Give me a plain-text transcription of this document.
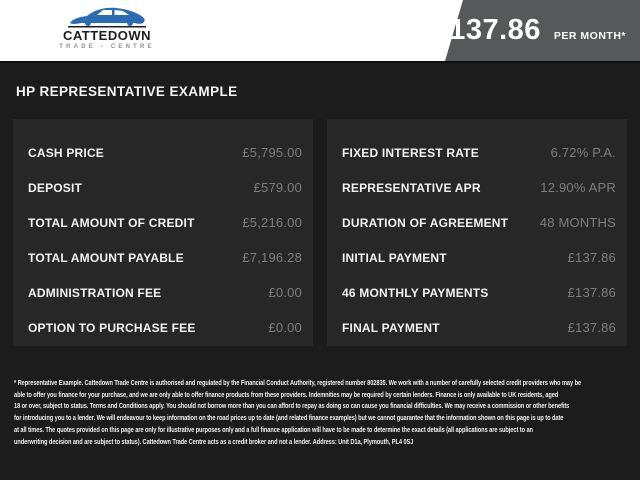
CATTEDOWN
TRADE - CENTRE
£137.86 PER MONTH*
HP REPRESENTATIVE EXAMPLE
CASH PRICE	£5,795.00
DEPOSIT	£579.00
TOTAL AMOUNT OF CREDIT	£5,216.00
TOTAL AMOUNT PAYABLE	£7,196.28
ADMINISTRATION FEE	£0.00
OPTION TO PURCHASE FEE	£0.00
FIXED INTEREST RATE	6.72% P.A.
REPRESENTATIVE APR	12.90% APR
DURATION OF AGREEMENT 48 MONTHS
INITIAL PAYMENT	£137.86
46 MONTHLY PAYMENTS	£137.86
FINAL PAYMENT	£137.86
* Representative Example. Cattedown Trade Centre is authorised and regulated by the Financial Conduct Authority, registered number 802835. We work with a number of carefully selected credit providers who may be
able to offer you finance for your purchase, and we are only able to offer finance products from these providers. Indemnities may be required by certain lenders. Finance is only available to UK residents, aged
18 or over, subject to status. Terms and Conditions apply. You should not borrow more than you can afford to repay as doing so can cause you financial difficulties. We may receive a commission or other benefits
for introducing you to a lender. We will endeavour to keep information on the road prices up to date (and related finance examples) but we cannot guarantee that the information shown on this page is up to date
at all times. The quotes provided on this page are only for illustrative purposes only and a full finance application will have to be made to determine the exact details (all applications are subject to an
underwriting decision and are subject to status). Cattedown Trade Centre acts as a credit broker and not a lender. Address: Unit D1a, Plymouth, PL4 0SJ
